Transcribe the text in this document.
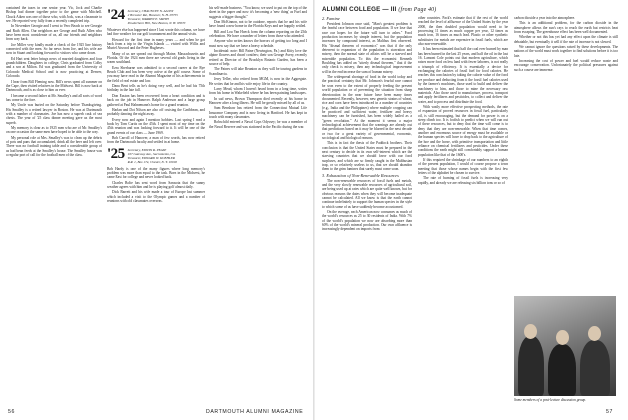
contained the taxes in one senior year. Vic, Jock and Charlie Bishop had dinner together prior to the game with Mitchell. Chuck Aiken was one of those who, with Jock, was a classmate to see. He reported very fully from a recently completed trip.

In November Georgie and I went to Vero Beach to see Georgie and Ruth Allen. Our neighbors are George and Ruth Allen who have been most considerate of us, all our friends and neighbors from way back.

Joe Miller very kindly made a check of the 1925 line history connected with the men. So far news from Joe, and his wife are now in Stuart and looking forward to visitors who came down.

Ed Hart sent letter brings news of married daughters and four grandchildren. Daughters in college, Chris graduated from Colby and a son at Milton. Ed was graduated from the University of Colorado Medical School and is now practicing at Denver, Colorado.

I hear from Bill Fleming now. Bill's news spent all summer on the Cape, then visited relatives in the Midwest. Bill is now back at Dartmouth, and is as close to him as ever.

I became a second father at Mr. Smalley's and all sorts of word has come to the fore.

My Uncle was buried on the Saturday before Thanksgiving. His Smalley is a retired lawyer in Boston. He was at Dartmouth with a number of classmates. Joe has now a superb cask of sea chests. The year of '25 class dinner meeting gave us the most superb.

My memory is clear as to 1925 men who are of Mr. Smalley's on one occasion the same men have hoped to be able to the way.

My personal role at Mrs. Smalley's was to clean up the debris of pots and pans that accumulated, drink all the beer and left over. There was no football training table and a considerable group of us had bean feeds at the Smalley's house. The Smalley house was a regular port of call for the football men of the class.

'24 Secretary, CHAUNCEY N. ALLEN
2 Brewster Rd., Hanover, N. H. 03755
Treasurer, WARREN E. SMITH
Powderhorn Hill, New Boston, N. H. 03070

Whatever else has happened since I last wrote this column, we have had fine weather for our golf tournament and the annual visits.

Howard for the first time in many years — and when he got back from a trip to the Virgin Islands — visited with Willis and Muriel Atwood and the Peter Hugheses.

Many of us are spread out through Maine, Massachusetts and Florida. Of the 1924 men there are several old grads living in the warm southland.

Ezra Sherburne was admitted to a second career at the Rye Beach Club and has been very active at the golf course. Some of you may have read in the Alumni Magazine of his achievements in the field of real estate and law.

Dana Bent tells us he's doing very well, and he had his 75th birthday in the late fall.

Don Easton has been recovered from a heart condition and is back on the job in Hanover. Ralph Anderson and a large group gathered at Paul Hahnemann's home for a grand reunion.

Harlan and Dot Nilson are also off cruising the Caribbean, and probably dancing the night away.

Every now and again I mention hobbies. Last spring I read a book by Tom Curtis on the 45th. I spent most of my time on the 45th reunion and was looking forward to it. It will be one of the grand events of our class — June 1969.

Bob Carroll of Hanover, a man of few words, has now retired from the Dartmouth faculty and settled in at home.

'25 Secretary, EDWIN R. PEASE
107 Gateway Ave., Sacramento, CA.
Treasurer, EDWARD W. KOEHLER
R.R. 1, Box 174, Chester, N. Y. 10918

Bob Hardy is one of the many figures where long memory's problem was more than equal to the task. Born in the Midwest, he came East for college and never looked back.

Charles Bolte has sent word from Sarasota that the sunny weather agrees with him and he is playing golf almost daily.

Dick Barrett and his wife made a tour of Europe last summer which included a visit to the Olympic games and a number of reunions with old classmates overseas.

his self-made business. "You know, we used to put on the top of the sheet in the paper and now it's becoming a 'new thing' as Fuel and suggests a bigger thought."

Don McKinnon, not to be outdone, reports that he and his wife have found a new home in the Florida Keys and are happily settled.

Bill and Lou Van Hoeck form the column reporting on the 25th celebration. We have a number of letters from those who attended.

Anyone who writes knows the horrors of getting too long and I must now say that we have a heavy schedule.

Incidental: note: Bill Paine (Newington, Pa.) and Kitty love the alpine flowers and dwarf conifers; their son George Avery, recently retired as Director of the Brooklyn Botanic Garden, has been a source of help.

The Paines will take Reunion as they will be touring gardens in Scandinavia.

Jerry Teller, who retired from MGM, is now in the Aggregate. He writes that he and his wife enjoy life in the country.

Larry Mead, whom I haven't heard from in a long time, writes from his home in Wakefield where he has been painting landscapes.

In sad news, Brown Thompson died recently at his home in Hanover after a long illness. He will be greatly missed by all of us.

Sam Benshaw has retired from the Connecticut Mutual Life Insurance Company and is now living in Hartford. He has kept in touch with many classmates.

Robschild entered a Naval Cops Odyssey; he was a member of the Naval Reserve and was stationed in the Pacific during the war.

56	DARTMOUTH ALUMNI MAGAZINE
ALUMNI COLLEGE — III (from Page 40)

2. Famine

President Johnson once said, "Man's greatest problem is the fearful race between food and population. If we lose that race our hopes for the future will turn to ashes." Food production increases by simple interest, but the population increases by compound interest, as Malthus first observed. His "dismal theorem of economics" was that if the only deterrent to expansion of the population is starvation and misery, then the normal state of affairs will be a starved and miserable population. To this the economist Kenneth Boulding has added an "utterly dismal theorem," that if the only check is misery, then any technological improvement will in the end increase the sum of human misery.

The widespread shortage of food in the world today and the practical certainty that Mr. Johnson's fearful race cannot be won even to the extent of properly feeding the present world population or of preventing the situation from sharp deterioration in the near future have been many times documented. Recently, however, new genetic strains of wheat, rice and corn have been introduced in a number of countries (e.g., India and the Philippines) where multiple cropping can be practiced and sufficient water, fertilizer and heavy machinery can be furnished, has been widely hailed as a "green revolution." At the moment it seems a major technological achievement that the warnings are already out that predictions based on it may be blurred in the next decade or two for a great variety of governmental, economic, sociological and biological reasons.

This is in fact the thesis of the Paddock brothers. Their conclusion is that the United States must be prepared in the next century to decide in its own self-interest which are the starving countries that we should favor with our food surpluses, and which are so firmly caught in the Malthusian trap, or so relatively useless to us, that we should abandon them to the grim famines that surely must come soon.

3. Exhaustion of Non-Renewable Resources

The non-renewable resources of fossil fuels and metals, and the very slowly renewable resources of agricultural soil, are being used up at rates which are quite well known, but for obvious reasons the dates when they will become inadequate cannot be calculated. All we know is that the earth cannot continue indefinitely to support the human species in the style to which some of us have suddenly become accustomed.

On the average, each American now consumes as much of the world's resources as 25 to 30 residents of India. With 7% of the world's population we now are absorbing more than 60% of the world's mineral production. Our own affluence is increasingly dependent on imports from

other countries. Pack's estimate that if the rest of the world reached the level of affluence of the United States by the year 2000, the then doubled population would need to be processing 11 times as much copper per year, 12 times as much iron, 16 times as much lead. Plastic or other synthetic substitutes for metals are expensive in fossil fuels, which are also non-renewable.

It has been estimated that half the coal ever burned by man has been burned in the last 25 years, and half the oil in the last 16. Lamont Cole points out that modern agriculture, which raises more food on less land with fewer laborers, is not really a triumph of efficiency. It is essentially a device for exchanging the calories of fossil fuel for food calories. He reaches this conclusion by taking the calorie value of the food we produce and deducting from it the fossil fuel calories used by the farmer's machines, those used to build and deliver the machinery to him, and those to mine the necessary raw materials. Also those used to manufacture, process, transport and apply fertilizers and pesticides, to collect and deliver the water, and to process and distribute the food.

With vastly more effective prospecting methods, the rate of expansion of proved resources in fossil fuel, particularly oil, is still encouraging, but the demand for power is on a steep climb too. It is foolish to predict when we will run out of these resources, but to deny that the time will come is to deny that they are non-renewable. When that time comes, another and enormous source of energy must be available or the human species will have to drop back to the agriculture of the hoe and the horse, with primitive transportation and little reliance on chemical fertilizers and pesticides. Under these conditions the earth might still comfortably support a human population like that of the 1600's.

If this required the shrinkage of our numbers to an eighth of the present population, I would of course propose a town meeting that those whose names begin with the first few letters of the alphabet be chosen to survive.

The rate of burning of fossil fuels is increasing very rapidly, and already we are releasing six billion tons or so of

carbon dioxide a year into the atmosphere.

This is an additional problem, for the carbon dioxide in the atmosphere allows the sun's rays to reach the earth but restricts heat from escaping. The greenhouse effect has been well documented.

Whether or not this has yet had any effect upon the climate is still debatable, but eventually it will if the rate of increase is not slowed.

We cannot ignore the questions raised by these developments. The nations of the world must work together to find solutions before it is too late.

Increasing the cost of power and fuel would reduce waste and encourage conservation. Unfortunately the political pressures against such a course are immense.

Some members of a post-lecture discussion group.
57
